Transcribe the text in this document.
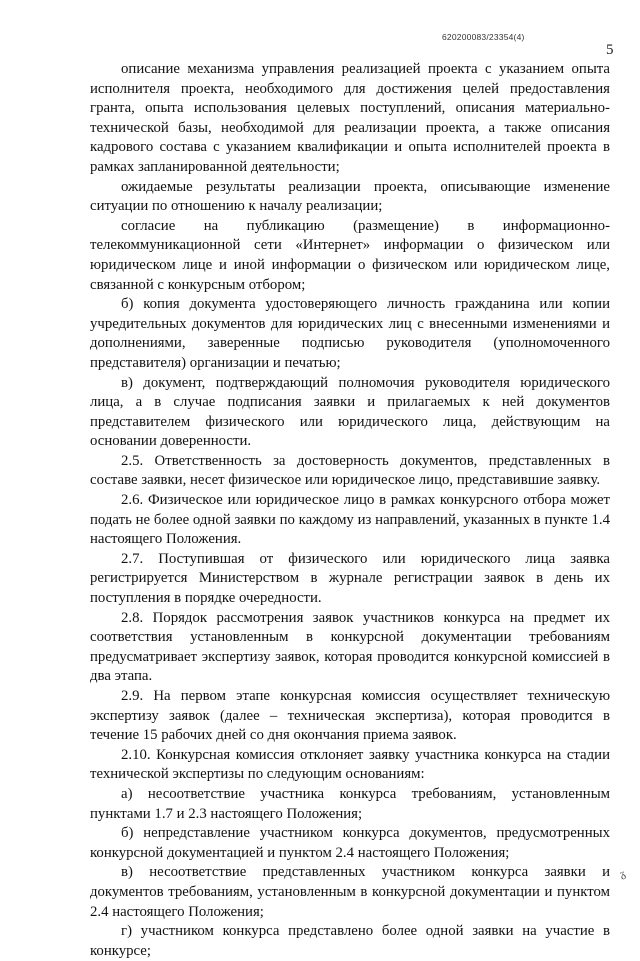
620200083/23354(4)
5

описание механизма управления реализацией проекта с указанием опыта исполнителя проекта, необходимого для достижения целей предоставления гранта, опыта использования целевых поступлений, описания материально-технической базы, необходимой для реализации проекта, а также описания кадрового состава с указанием квалификации и опыта исполнителей проекта в рамках запланированной деятельности;

ожидаемые результаты реализации проекта, описывающие изменение ситуации по отношению к началу реализации;

согласие на публикацию (размещение) в информационно-телекоммуникационной сети «Интернет» информации о физическом или юридическом лице и иной информации о физическом или юридическом лице, связанной с конкурсным отбором;

б) копия документа удостоверяющего личность гражданина или копии учредительных документов для юридических лиц с внесенными изменениями и дополнениями, заверенные подписью руководителя (уполномоченного представителя) организации и печатью;

в) документ, подтверждающий полномочия руководителя юридического лица, а в случае подписания заявки и прилагаемых к ней документов представителем физического или юридического лица, действующим на основании доверенности.

2.5. Ответственность за достоверность документов, представленных в составе заявки, несет физическое или юридическое лицо, представившие заявку.

2.6. Физическое или юридическое лицо в рамках конкурсного отбора может подать не более одной заявки по каждому из направлений, указанных в пункте 1.4 настоящего Положения.

2.7. Поступившая от физического или юридического лица заявка регистрируется Министерством в журнале регистрации заявок в день их поступления в порядке очередности.

2.8. Порядок рассмотрения заявок участников конкурса на предмет их соответствия установленным в конкурсной документации требованиям предусматривает экспертизу заявок, которая проводится конкурсной комиссией в два этапа.

2.9. На первом этапе конкурсная комиссия осуществляет техническую экспертизу заявок (далее – техническая экспертиза), которая проводится в течение 15 рабочих дней со дня окончания приема заявок.

2.10. Конкурсная комиссия отклоняет заявку участника конкурса на стадии технической экспертизы по следующим основаниям:

а) несоответствие участника конкурса требованиям, установленным пунктами 1.7 и 2.3 настоящего Положения;

б) непредставление участником конкурса документов, предусмотренных конкурсной документацией и пунктом 2.4 настоящего Положения;

в) несоответствие представленных участником конкурса заявки и документов требованиям, установленным в конкурсной документации и пунктом 2.4 настоящего Положения;

г) участником конкурса представлено более одной заявки на участие в конкурсе;

ᵹ
